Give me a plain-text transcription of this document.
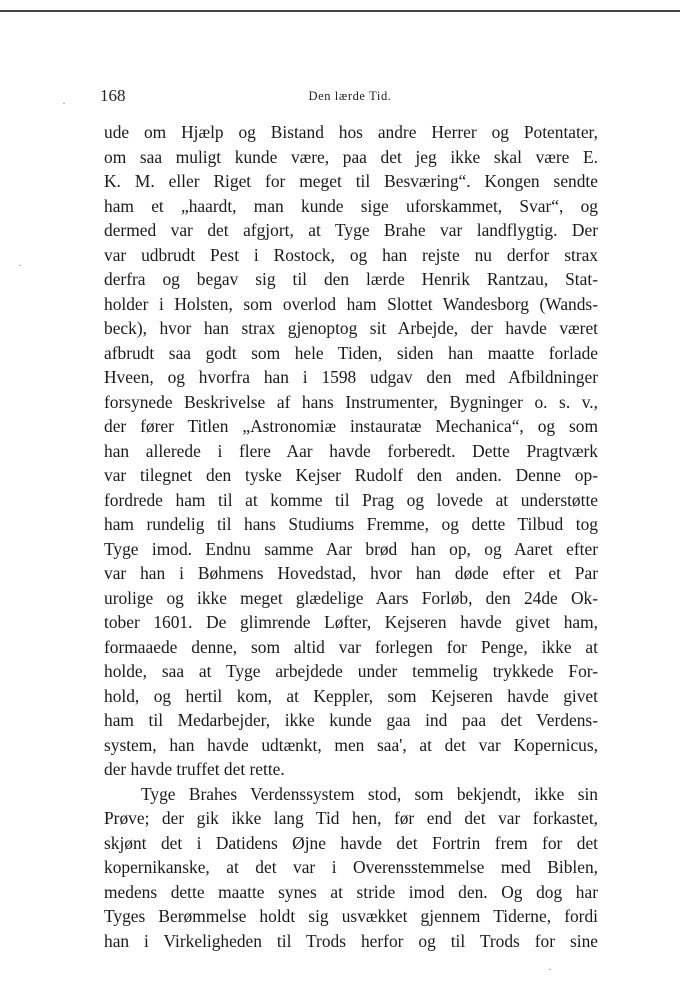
·
·
·
168	Den lærde Tid.
ude om Hjælp og Bistand hos andre Herrer og Potentater,
om saa muligt kunde være, paa det jeg ikke skal være E.
K. M. eller Riget for meget til Besværing“. Kongen sendte
ham et „haardt, man kunde sige uforskammet, Svar“, og
dermed var det afgjort, at Tyge Brahe var landflygtig. Der
var udbrudt Pest i Rostock, og han rejste nu derfor strax
derfra og begav sig til den lærde Henrik Rantzau, Stat-
holder i Holsten, som overlod ham Slottet Wandesborg (Wands-
beck), hvor han strax gjenoptog sit Arbejde, der havde været
afbrudt saa godt som hele Tiden, siden han maatte forlade
Hveen, og hvorfra han i 1598 udgav den med Afbildninger
forsynede Beskrivelse af hans Instrumenter, Bygninger o. s. v.,
der fører Titlen „Astronomiæ instauratæ Mechanica“, og som
han allerede i flere Aar havde forberedt. Dette Pragtværk
var tilegnet den tyske Kejser Rudolf den anden. Denne op-
fordrede ham til at komme til Prag og lovede at understøtte
ham rundelig til hans Studiums Fremme, og dette Tilbud tog
Tyge imod. Endnu samme Aar brød han op, og Aaret efter
var han i Bøhmens Hovedstad, hvor han døde efter et Par
urolige og ikke meget glædelige Aars Forløb, den 24de Ok-
tober 1601. De glimrende Løfter, Kejseren havde givet ham,
formaaede denne, som altid var forlegen for Penge, ikke at
holde, saa at Tyge arbejdede under temmelig trykkede For-
hold, og hertil kom, at Keppler, som Kejseren havde givet
ham til Medarbejder, ikke kunde gaa ind paa det Verdens-
system, han havde udtænkt, men saa', at det var Kopernicus,
der havde truffet det rette.
Tyge Brahes Verdenssystem stod, som bekjendt, ikke sin
Prøve; der gik ikke lang Tid hen, før end det var forkastet,
skjønt det i Datidens Øjne havde det Fortrin frem for det
kopernikanske, at det var i Overensstemmelse med Biblen,
medens dette maatte synes at stride imod den. Og dog har
Tyges Berømmelse holdt sig usvækket gjennem Tiderne, fordi
han i Virkeligheden til Trods herfor og til Trods for sine
